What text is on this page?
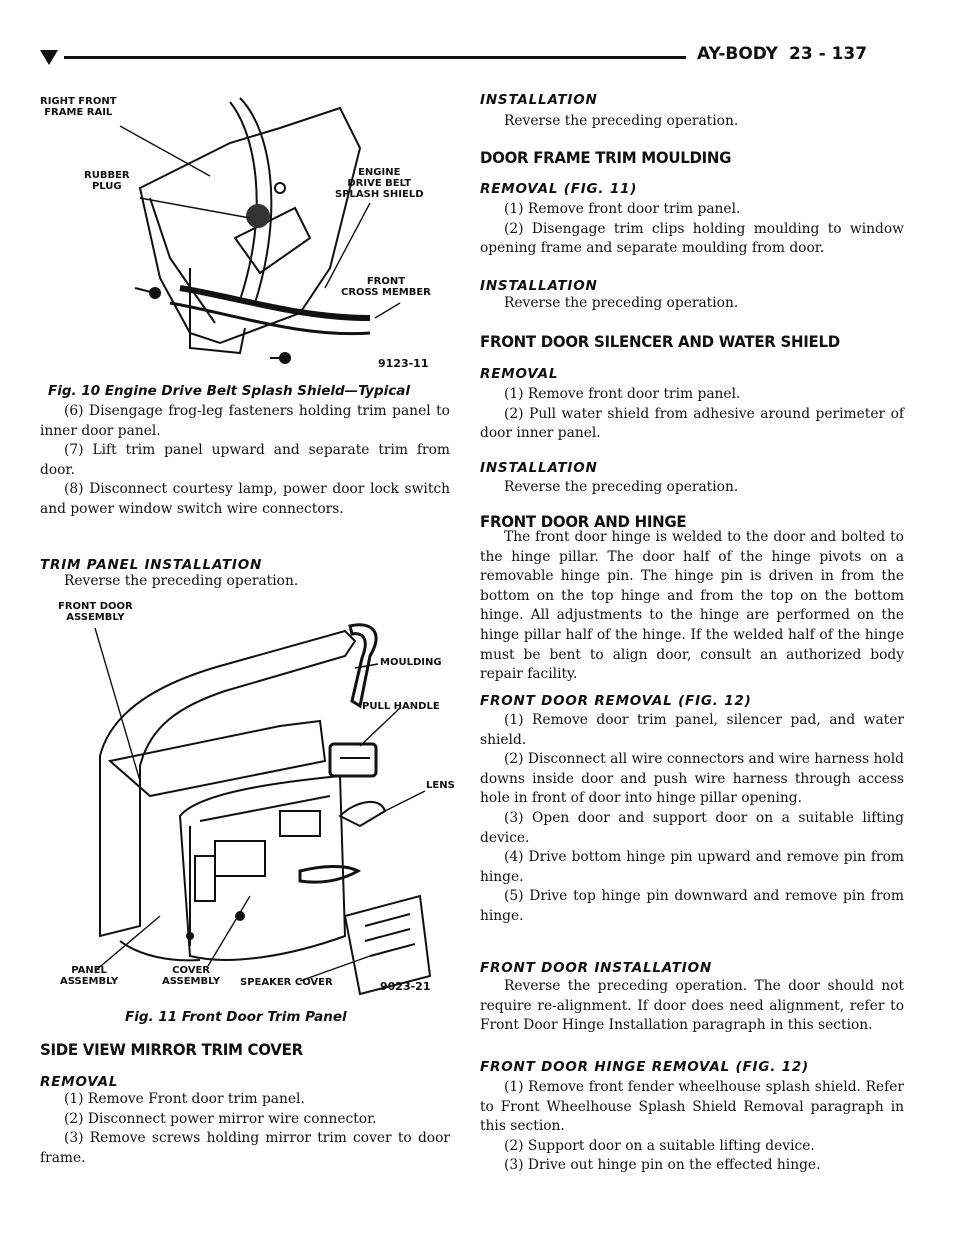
AY-BODY 23 - 137
RIGHT FRONT
FRAME RAIL
RUBBER
PLUG
ENGINE
DRIVE BELT
SPLASH SHIELD
FRONT
CROSS MEMBER
9123-11
Fig. 10 Engine Drive Belt Splash Shield—Typical

(6) Disengage frog-leg fasteners holding trim panel to inner door panel.

(7) Lift trim panel upward and separate trim from door.

(8) Disconnect courtesy lamp, power door lock switch and power window switch wire connectors.

TRIM PANEL INSTALLATION

Reverse the preceding operation.

FRONT DOOR
ASSEMBLY
MOULDING
PULL HANDLE
LENS
PANEL
ASSEMBLY
COVER
ASSEMBLY SPEAKER COVER	9023-21
Fig. 11 Front Door Trim Panel
SIDE VIEW MIRROR TRIM COVER
REMOVAL

(1) Remove Front door trim panel.

(2) Disconnect power mirror wire connector.

(3) Remove screws holding mirror trim cover to door frame.

INSTALLATION

Reverse the preceding operation.

DOOR FRAME TRIM MOULDING
REMOVAL (FIG. 11)

(1) Remove front door trim panel.

(2) Disengage trim clips holding moulding to window opening frame and separate moulding from door.

INSTALLATION

Reverse the preceding operation.

FRONT DOOR SILENCER AND WATER SHIELD
REMOVAL

(1) Remove front door trim panel.

(2) Pull water shield from adhesive around perimeter of door inner panel.

INSTALLATION

Reverse the preceding operation.

FRONT DOOR AND HINGE

The front door hinge is welded to the door and bolted to the hinge pillar. The door half of the hinge pivots on a removable hinge pin. The hinge pin is driven in from the bottom on the top hinge and from the top on the bottom hinge. All adjustments to the hinge are performed on the hinge pillar half of the hinge. If the welded half of the hinge must be bent to align door, consult an authorized body repair facility.

FRONT DOOR REMOVAL (FIG. 12)

(1) Remove door trim panel, silencer pad, and water shield.

(2) Disconnect all wire connectors and wire harness hold downs inside door and push wire harness through access hole in front of door into hinge pillar opening.

(3) Open door and support door on a suitable lifting device.

(4) Drive bottom hinge pin upward and remove pin from hinge.

(5) Drive top hinge pin downward and remove pin from hinge.

FRONT DOOR INSTALLATION

Reverse the preceding operation. The door should not require re-alignment. If door does need alignment, refer to Front Door Hinge Installation paragraph in this section.

FRONT DOOR HINGE REMOVAL (FIG. 12)

(1) Remove front fender wheelhouse splash shield. Refer to Front Wheelhouse Splash Shield Removal paragraph in this section.

(2) Support door on a suitable lifting device.

(3) Drive out hinge pin on the effected hinge.
